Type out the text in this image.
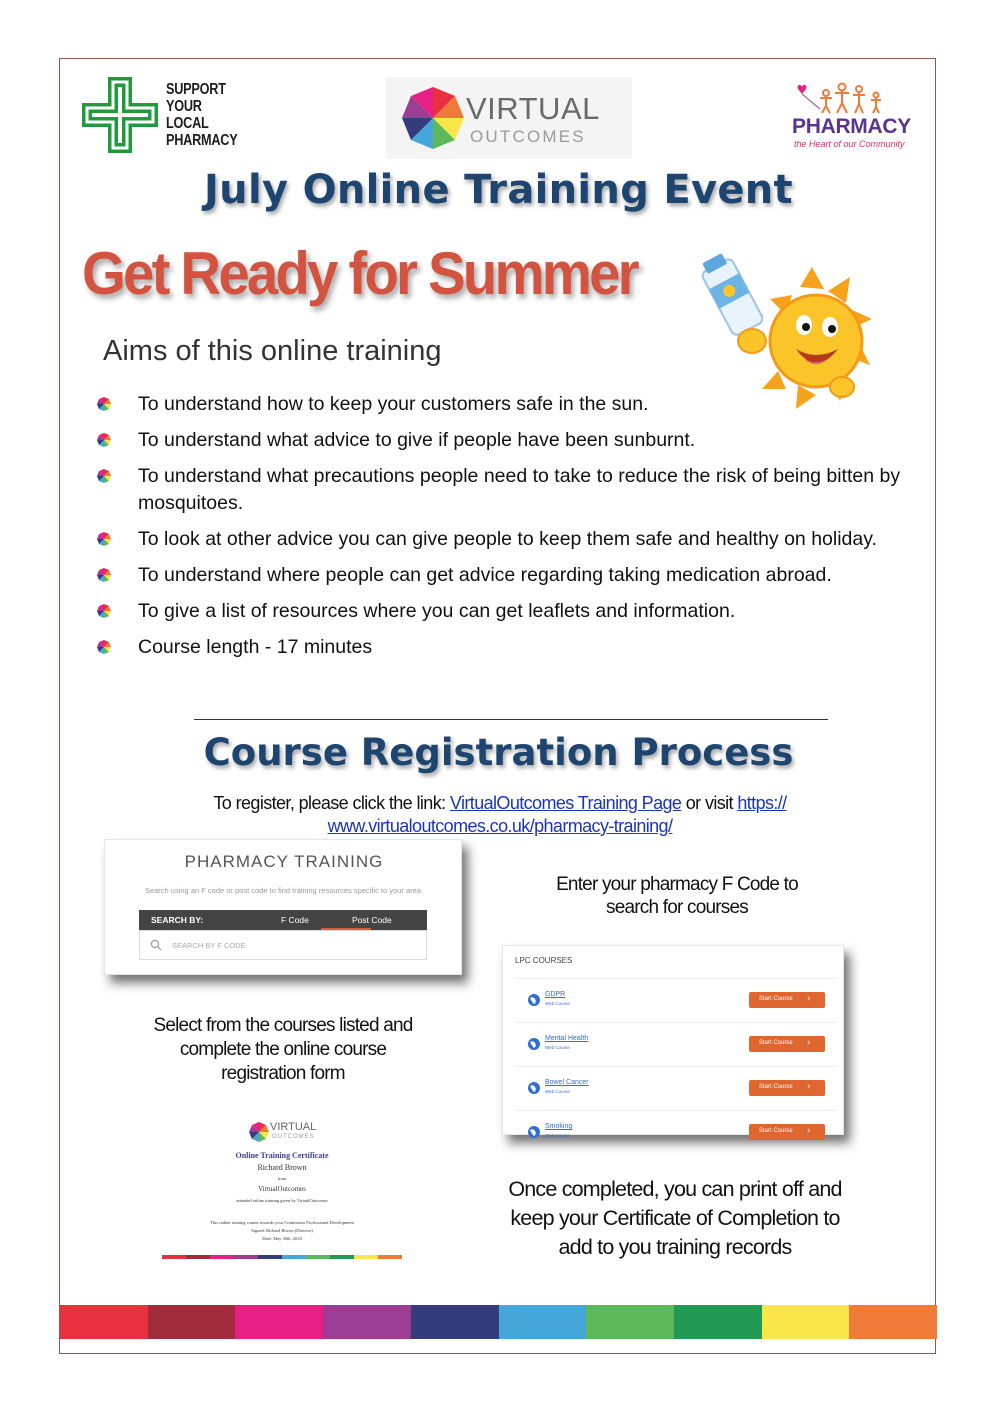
SUPPORT
YOUR
LOCAL
PHARMACY
VIRTUAL
OUTCOMES	PHARMACY
the Heart of our Community
July Online Training Event
Get Ready for Summer
Aims of this online training
To understand how to keep your customers safe in the sun.
To understand what advice to give if people have been sunburnt.
To understand what precautions people need to take to reduce the risk of being bitten by mosquitoes.
To look at other advice you can give people to keep them safe and healthy on holiday.
To understand where people can get advice regarding taking medication abroad.
To give a list of resources where you can get leaflets and information.
Course length - 17 minutes
Course Registration Process
To register, please click the link: VirtualOutcomes Training Page or visit https://
www.virtualoutcomes.co.uk/pharmacy-training/
PHARMACY TRAINING
Search using an F code or post code to find training resources specific to your area.
SEARCH BY:	F Code	Post Code
SEARCH BY F CODE
Enter your pharmacy F Code to
search for courses
LPC COURSES
GDPR
Web Course
Start Course ›
Mental Health
Web Course
Start Course ›
Bowel Cancer
Web Course
Start Course ›
Smoking
Web Course
Start Course ›
Select from the courses listed and
complete the online course
registration form
VIRTUAL
OUTCOMES
Online Training Certificate
Richard Brown
from
VirtualOutcomes
attended online training given by VirtualOutcomes
This online training counts towards your Continuous Professional Development
Signed: Richard Brown (Director)
Date: May 30th, 2018
Once completed, you can print off and
keep your Certificate of Completion to
add to you training records
